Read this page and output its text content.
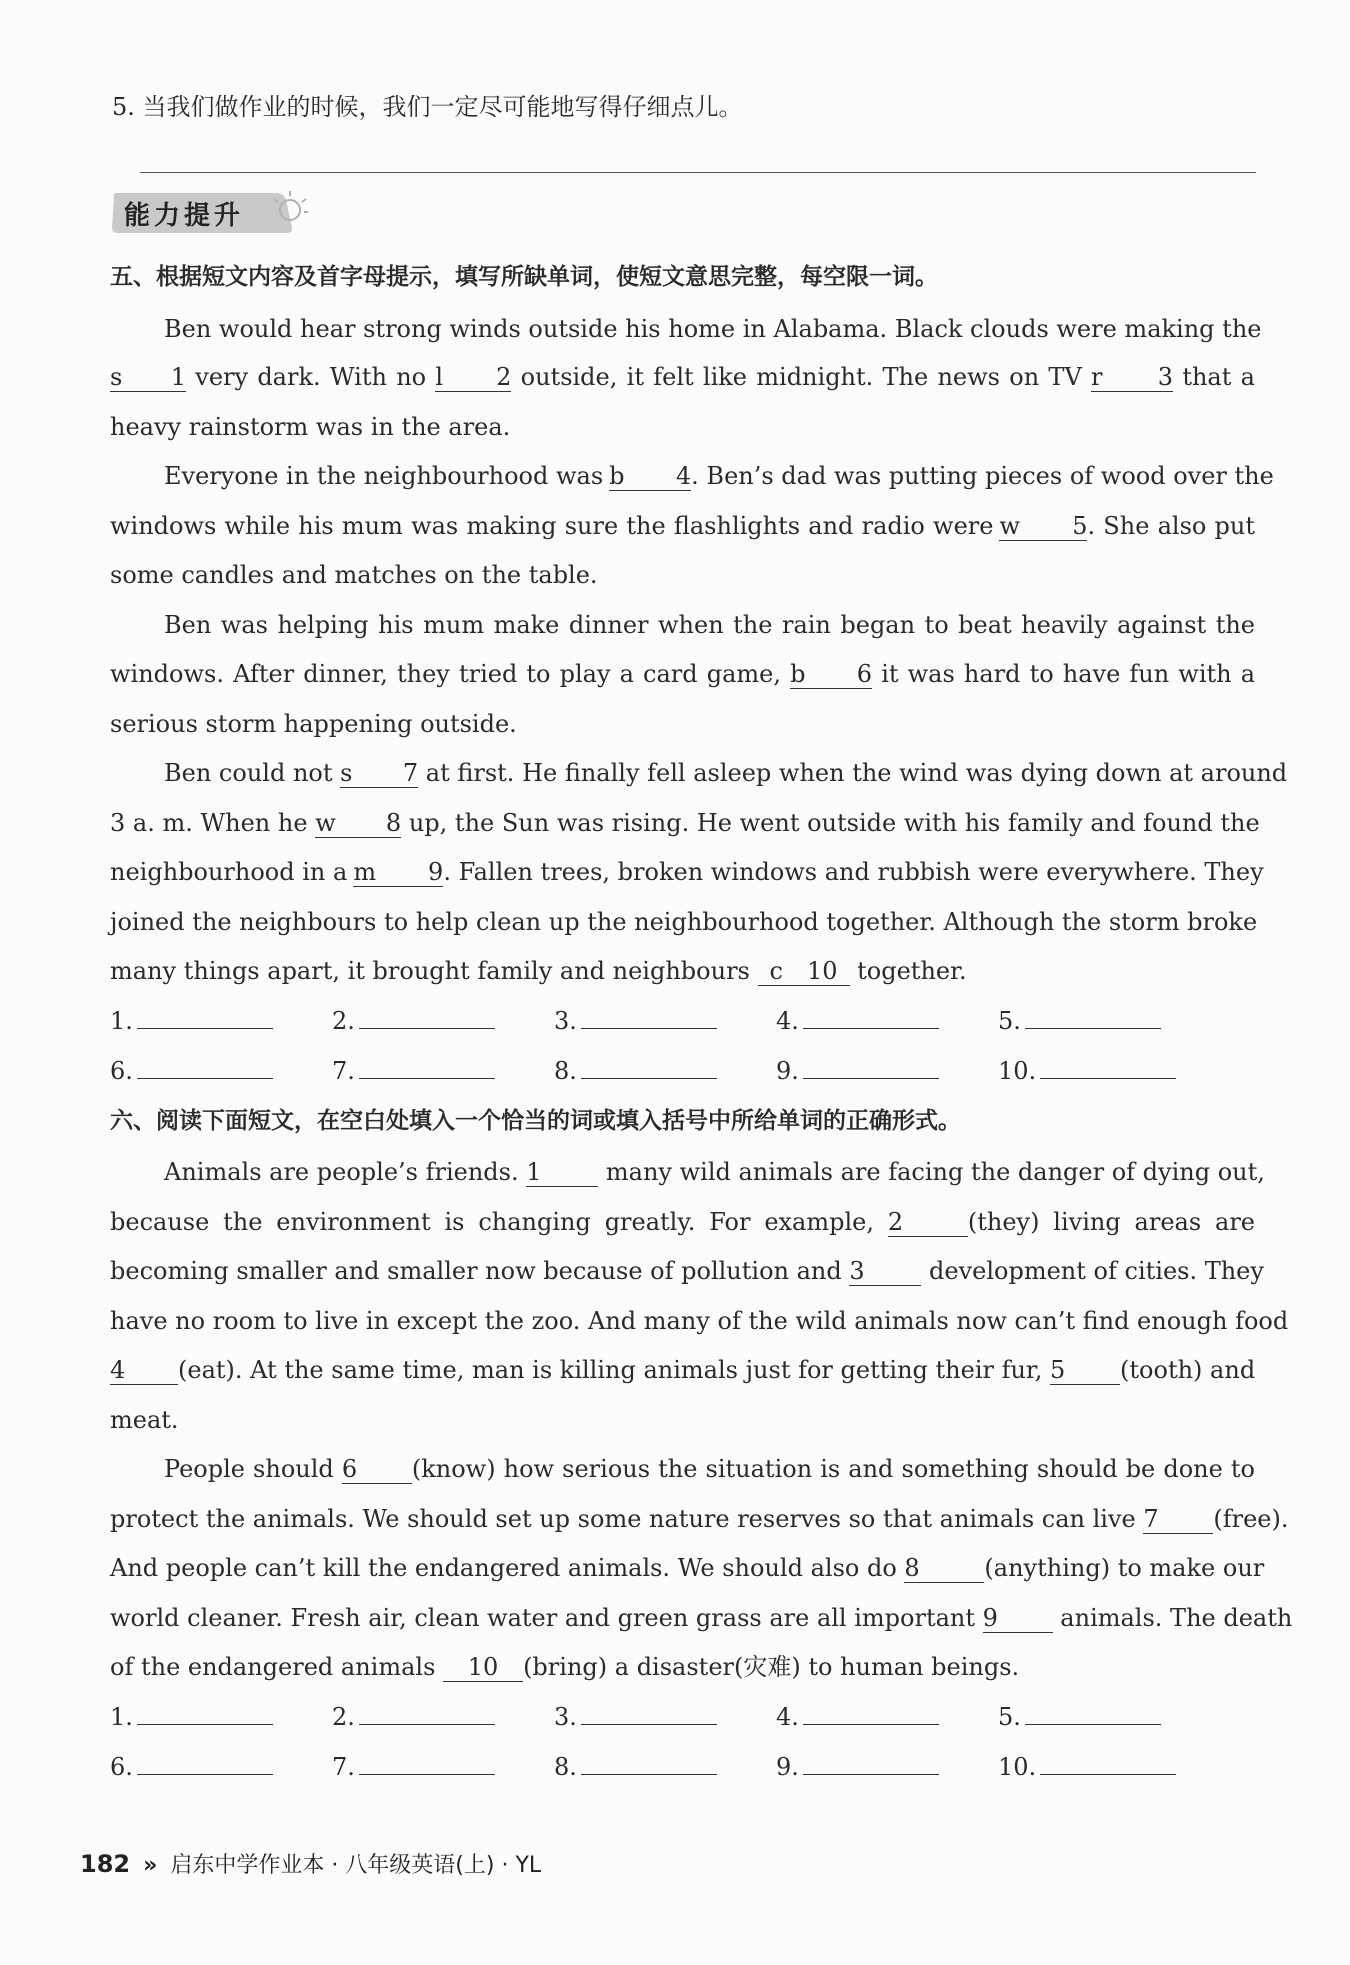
5. 当我们做作业的时候，我们一定尽可能地写得仔细点儿。
能力提升
五、根据短文内容及首字母提示，填写所缺单词，使短文意思完整，每空限一词。
Ben would hear strong winds outside his home in Alabama. Black clouds were making the
s　1 very dark. With no l　2 outside, it felt like midnight. The news on TV r　3 that a
heavy rainstorm was in the area.
Everyone in the neighbourhood was b　4. Ben’s dad was putting pieces of wood over the
windows while his mum was making sure the flashlights and radio were w　5. She also put
some candles and matches on the table.
Ben was helping his mum make dinner when the rain began to beat heavily against the
windows. After dinner, they tried to play a card game, b　6 it was hard to have fun with a
serious storm happening outside.
Ben could not s　7 at first. He finally fell asleep when the wind was dying down at around
3 a. m. When he w　8 up, the Sun was rising. He went outside with his family and found the
neighbourhood in a m　9. Fallen trees, broken windows and rubbish were everywhere. They
joined the neighbours to help clean up the neighbourhood together. Although the storm broke
many things apart, it brought family and neighbours c　10 together.
1.	2.	3.	4.	5.
6.	7.	8.	9.	10.
六、阅读下面短文，在空白处填入一个恰当的词或填入括号中所给单词的正确形式。
Animals are people’s friends. 1	many wild animals are facing the danger of dying out,
because the environment is changing greatly. For example, 2	(they) living areas are
becoming smaller and smaller now because of pollution and 3	development of cities. They
have no room to live in except the zoo. And many of the wild animals now can’t find enough food
4 (eat). At the same time, man is killing animals just for getting their fur, 5 (tooth) and
meat.
People should 6 (know) how serious the situation is and something should be done to
protect the animals. We should set up some nature reserves so that animals can live 7 (free).
And people can’t kill the endangered animals. We should also do 8	(anything) to make our
world cleaner. Fresh air, clean water and green grass are all important 9	animals. The death
of the endangered animals 10 (bring) a disaster(灾难) to human beings.
1.	2.	3.	4.	5.
6.	7.	8.	9.	10.
182 » 启东中学作业本 · 八年级英语(上) · YL
